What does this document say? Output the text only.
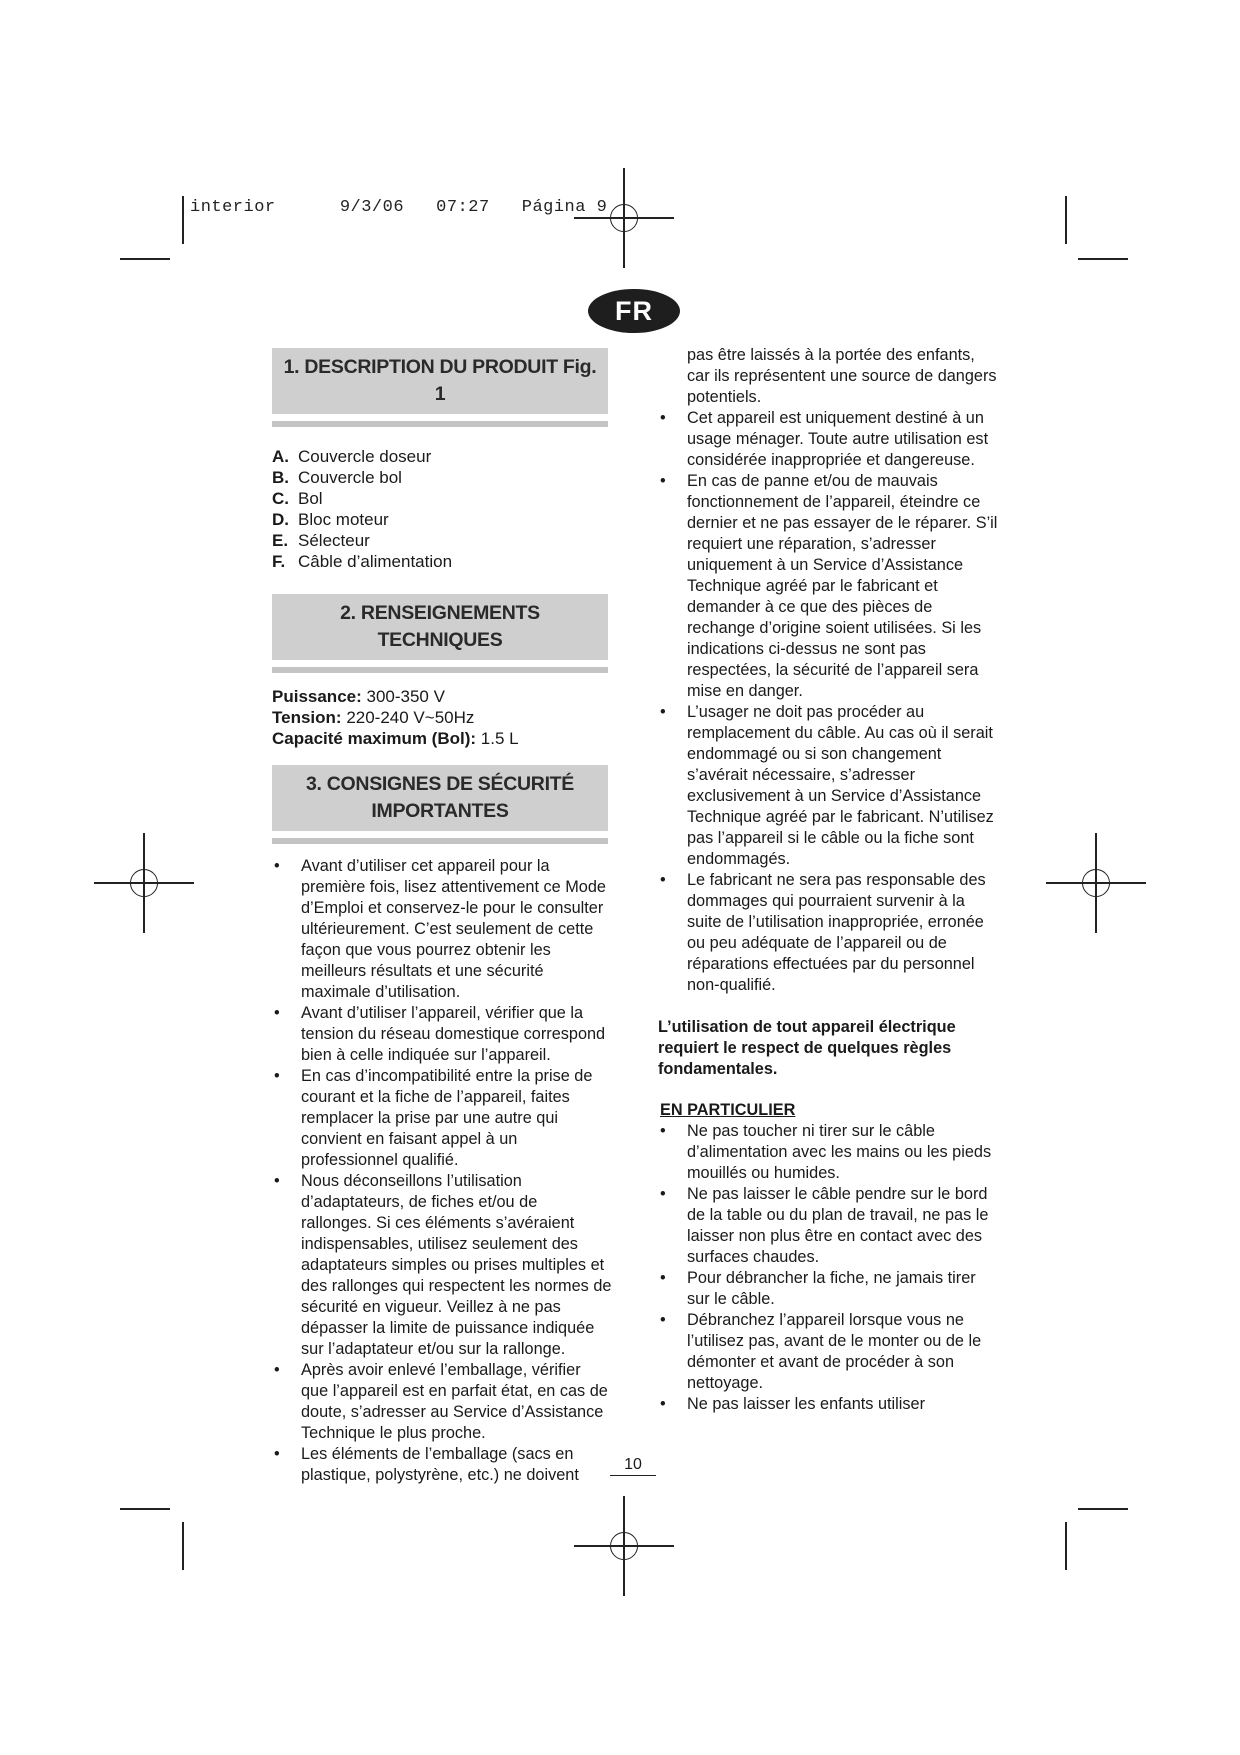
interior      9/3/06   07:27   Página 9
FR
1. DESCRIPTION DU PRODUIT Fig. 1
A. Couvercle doseur
B. Couvercle bol
C. Bol
D. Bloc moteur
E. Sélecteur
F. Câble d’alimentation
2. RENSEIGNEMENTS TECHNIQUES
Puissance: 300-350 V
Tension: 220-240 V~50Hz
Capacité maximum (Bol): 1.5 L
3. CONSIGNES DE SÉCURITÉ
IMPORTANTES
• Avant d’utiliser cet appareil pour la première fois, lisez attentivement ce Mode d’Emploi et conservez-le pour le consulter ultérieurement. C’est seulement de cette façon que vous pourrez obtenir les meilleurs résultats et une sécurité maximale d’utilisation.
• Avant d’utiliser l’appareil, vérifier que la tension du réseau domestique correspond bien à celle indiquée sur l’appareil.
• En cas d’incompatibilité entre la prise de courant et la fiche de l’appareil, faites remplacer la prise par une autre qui convient en faisant appel à un professionnel qualifié.
• Nous déconseillons l’utilisation d’adaptateurs, de fiches et/ou de rallonges. Si ces éléments s’avéraient indispensables, utilisez seulement des adaptateurs simples ou prises multiples et des rallonges qui respectent les normes de sécurité en vigueur. Veillez à ne pas dépasser la limite de puissance indiquée sur l’adaptateur et/ou sur la rallonge.
• Après avoir enlevé l’emballage, vérifier que l’appareil est en parfait état, en cas de doute, s’adresser au Service d’Assistance Technique le plus proche.
• Les éléments de l’emballage (sacs en plastique, polystyrène, etc.) ne doivent
pas être laissés à la portée des enfants, car ils représentent une source de dangers potentiels.
• Cet appareil est uniquement destiné à un usage ménager. Toute autre utilisation est considérée inappropriée et dangereuse.
• En cas de panne et/ou de mauvais fonctionnement de l’appareil, éteindre ce dernier et ne pas essayer de le réparer. S’il requiert une réparation, s’adresser uniquement à un Service d’Assistance Technique agréé par le fabricant et demander à ce que des pièces de rechange d’origine soient utilisées. Si les indications ci-dessus ne sont pas respectées, la sécurité de l’appareil sera mise en danger.
• L’usager ne doit pas procéder au remplacement du câble. Au cas où il serait endommagé ou si son changement s’avérait nécessaire, s’adresser exclusivement à un Service d’Assistance Technique agréé par le fabricant. N’utilisez pas l’appareil si le câble ou la fiche sont endommagés.
• Le fabricant ne sera pas responsable des dommages qui pourraient survenir à la suite de l’utilisation inappropriée, erronée ou peu adéquate de l’appareil ou de réparations effectuées par du personnel non-qualifié.
L’utilisation de tout appareil électrique requiert le respect de quelques règles fondamentales.
EN PARTICULIER
• Ne pas toucher ni tirer sur le câble d’alimentation avec les mains ou les pieds mouillés ou humides.
• Ne pas laisser le câble pendre sur le bord de la table ou du plan de travail, ne pas le laisser non plus être en contact avec des surfaces chaudes.
• Pour débrancher la fiche, ne jamais tirer sur le câble.
• Débranchez l’appareil lorsque vous ne l’utilisez pas, avant de le monter ou de le démonter et avant de procéder à son nettoyage.
• Ne pas laisser les enfants utiliser
10
